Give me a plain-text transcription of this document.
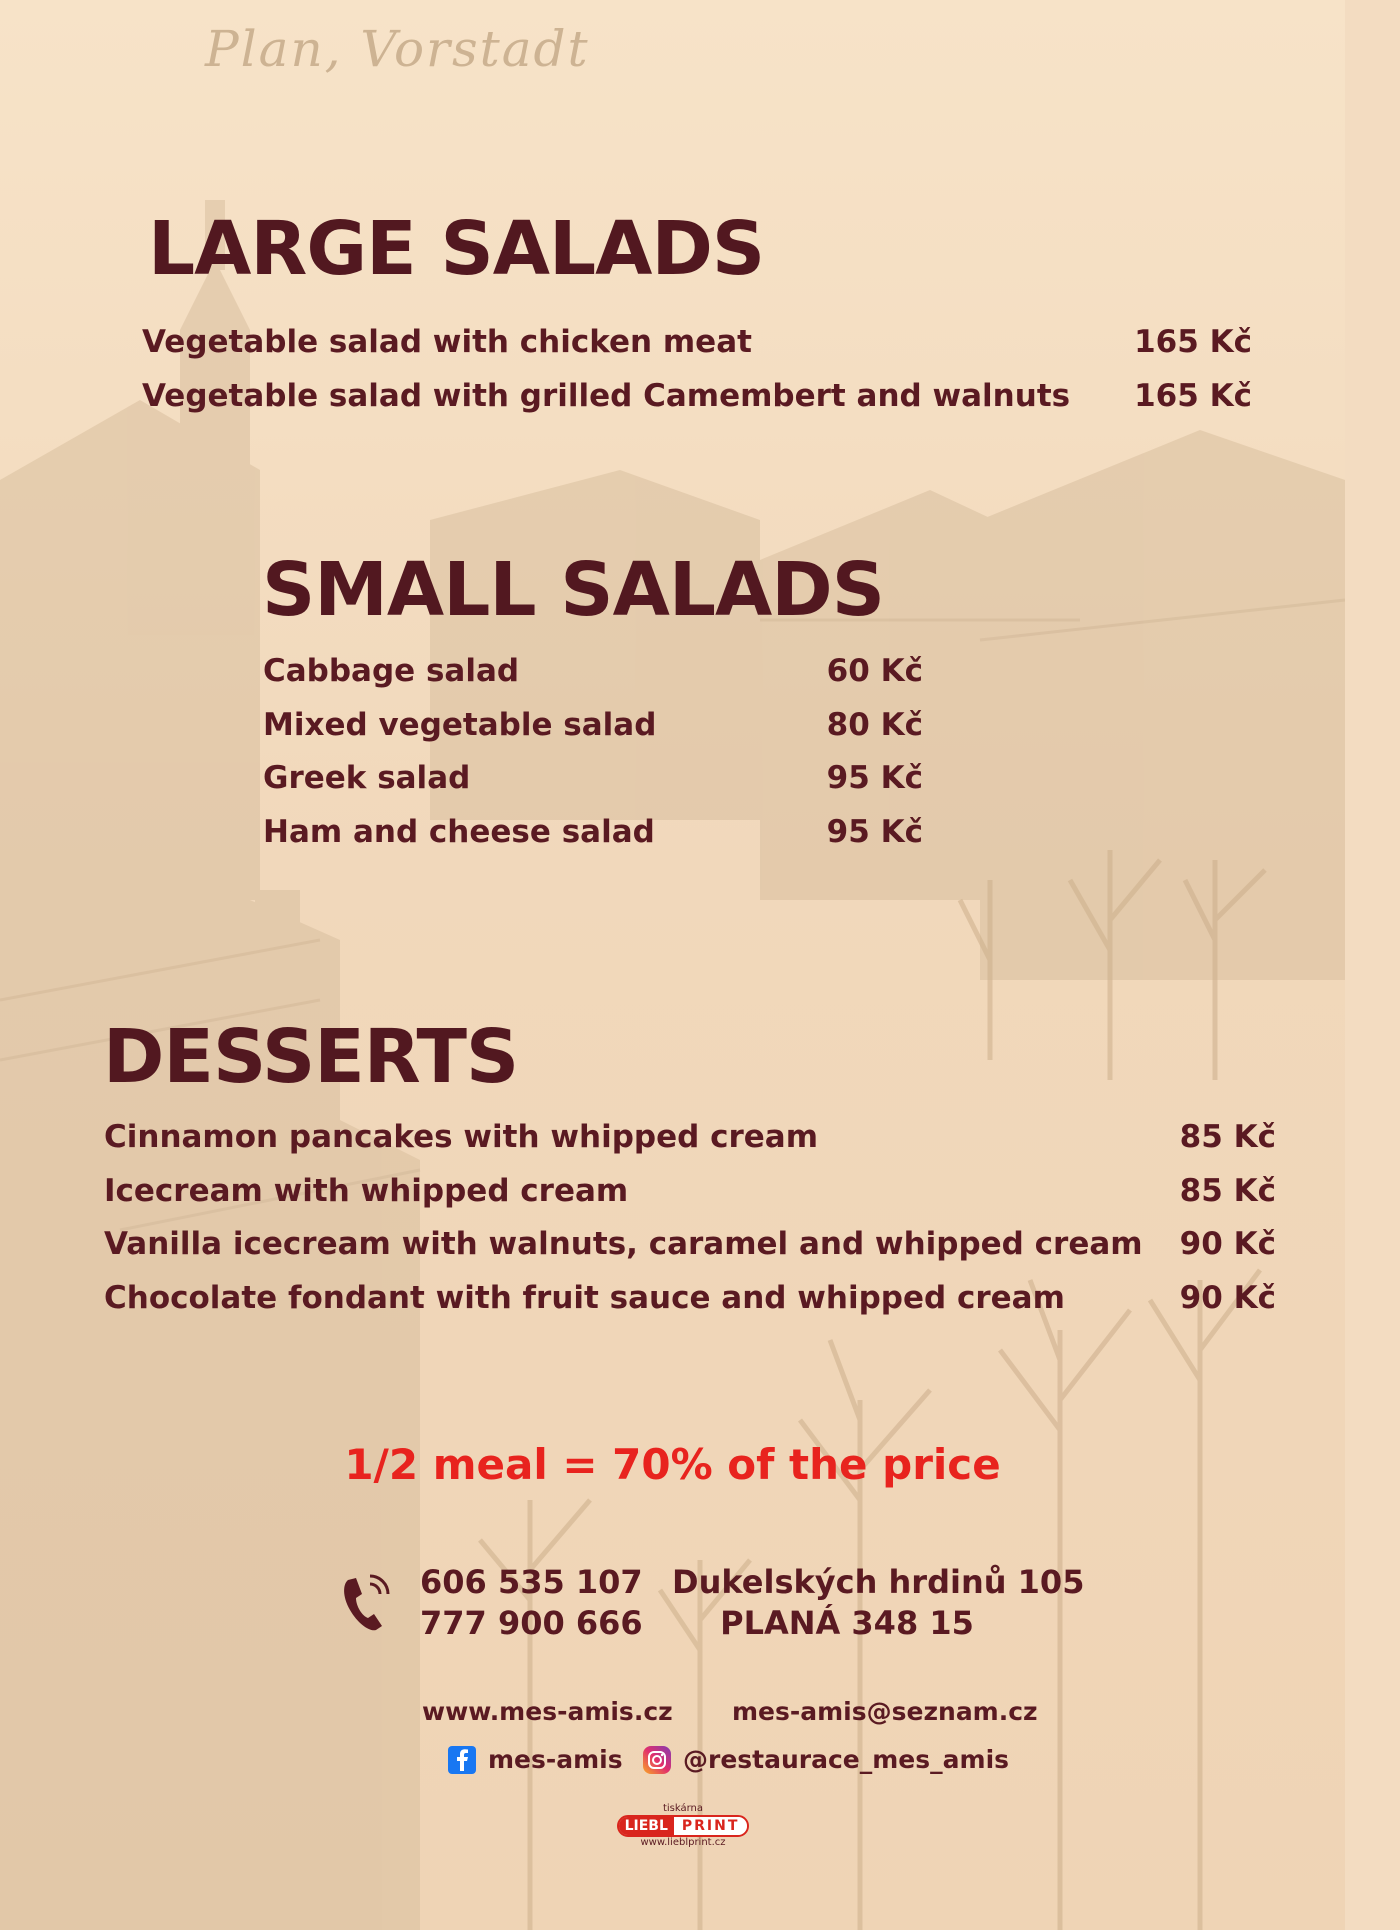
Plan, Vorstadt
LARGE SALADS
Vegetable salad with chicken meat	165 Kč
Vegetable salad with grilled Camembert and walnuts 165 Kč
SMALL SALADS
Cabbage salad	60 Kč
Mixed vegetable salad	80 Kč
Greek salad	95 Kč
Ham and cheese salad	95 Kč
DESSERTS
Cinnamon pancakes with whipped cream	85 Kč
Icecream with whipped cream	85 Kč
Vanilla icecream with walnuts, caramel and whipped cream 90 Kč
Chocolate fondant with fruit sauce and whipped cream	90 Kč
1/2 meal = 70% of the price
606 535 107
777 900 666
Dukelských hrdinů 105
PLANÁ 348 15
www.mes-amis.cz mes-amis@seznam.cz
mes-amis @restaurace_mes_amis
tiskárna
LIEBL	PRINT
www.lieblprint.cz
